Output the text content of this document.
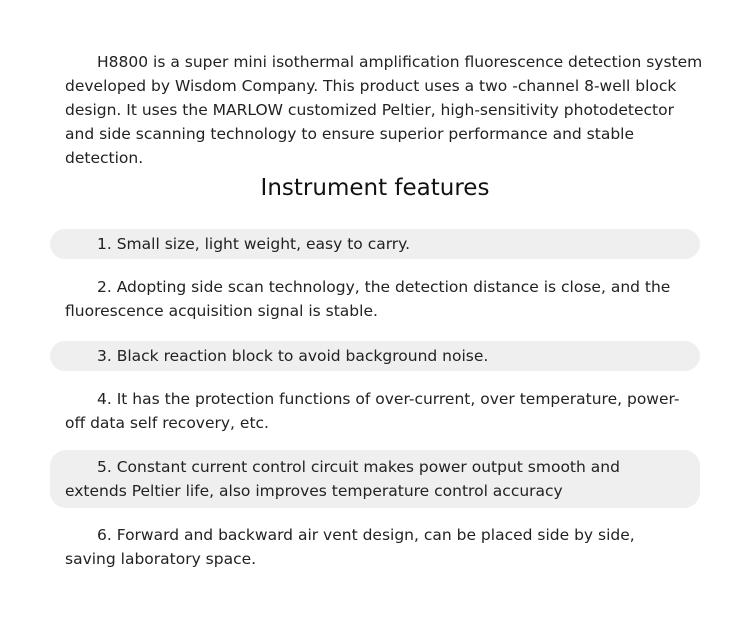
H8800 is a super mini isothermal amplification fluorescence detection system developed by Wisdom Company. This product uses a two -channel 8-well block design. It uses the MARLOW customized Peltier, high-sensitivity photodetector and side scanning technology to ensure superior performance and stable detection.

Instrument features
1. Small size, light weight, easy to carry.
2. Adopting side scan technology, the detection distance is close, and the fluorescence acquisition signal is stable.
3. Black reaction block to avoid background noise.
4. It has the protection functions of over-current, over temperature, power-off data self recovery, etc.
5. Constant current control circuit makes power output smooth and extends Peltier life, also improves temperature control accuracy
6. Forward and backward air vent design, can be placed side by side, saving laboratory space.
